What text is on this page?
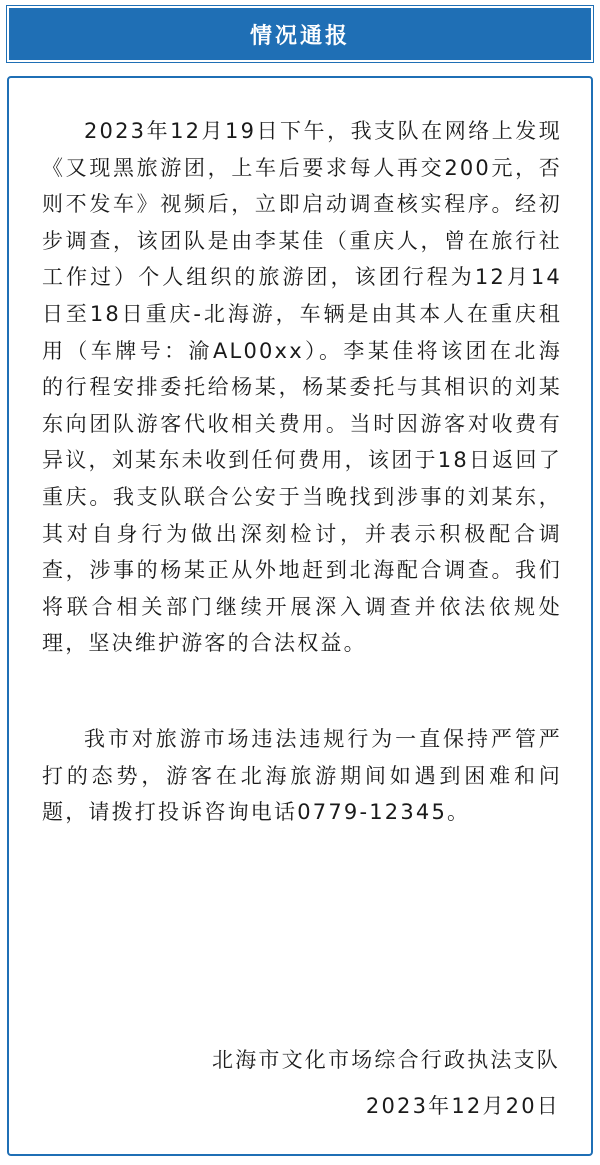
情况通报

2023年12月19日下午，我支队在网络上发现《又现黑旅游团，上车后要求每人再交200元，否则不发车》视频后，立即启动调查核实程序。经初步调查，该团队是由李某佳（重庆人，曾在旅行社工作过）个人组织的旅游团，该团行程为12月14日至18日重庆-北海游，车辆是由其本人在重庆租用（车牌号：渝AL00xx）。李某佳将该团在北海的行程安排委托给杨某，杨某委托与其相识的刘某东向团队游客代收相关费用。当时因游客对收费有异议，刘某东未收到任何费用，该团于18日返回了重庆。我支队联合公安于当晚找到涉事的刘某东，其对自身行为做出深刻检讨，并表示积极配合调查，涉事的杨某正从外地赶到北海配合调查。我们将联合相关部门继续开展深入调查并依法依规处理，坚决维护游客的合法权益。

我市对旅游市场违法违规行为一直保持严管严打的态势，游客在北海旅游期间如遇到困难和问题，请拨打投诉咨询电话0779-12345。

北海市文化市场综合行政执法支队
2023年12月20日
